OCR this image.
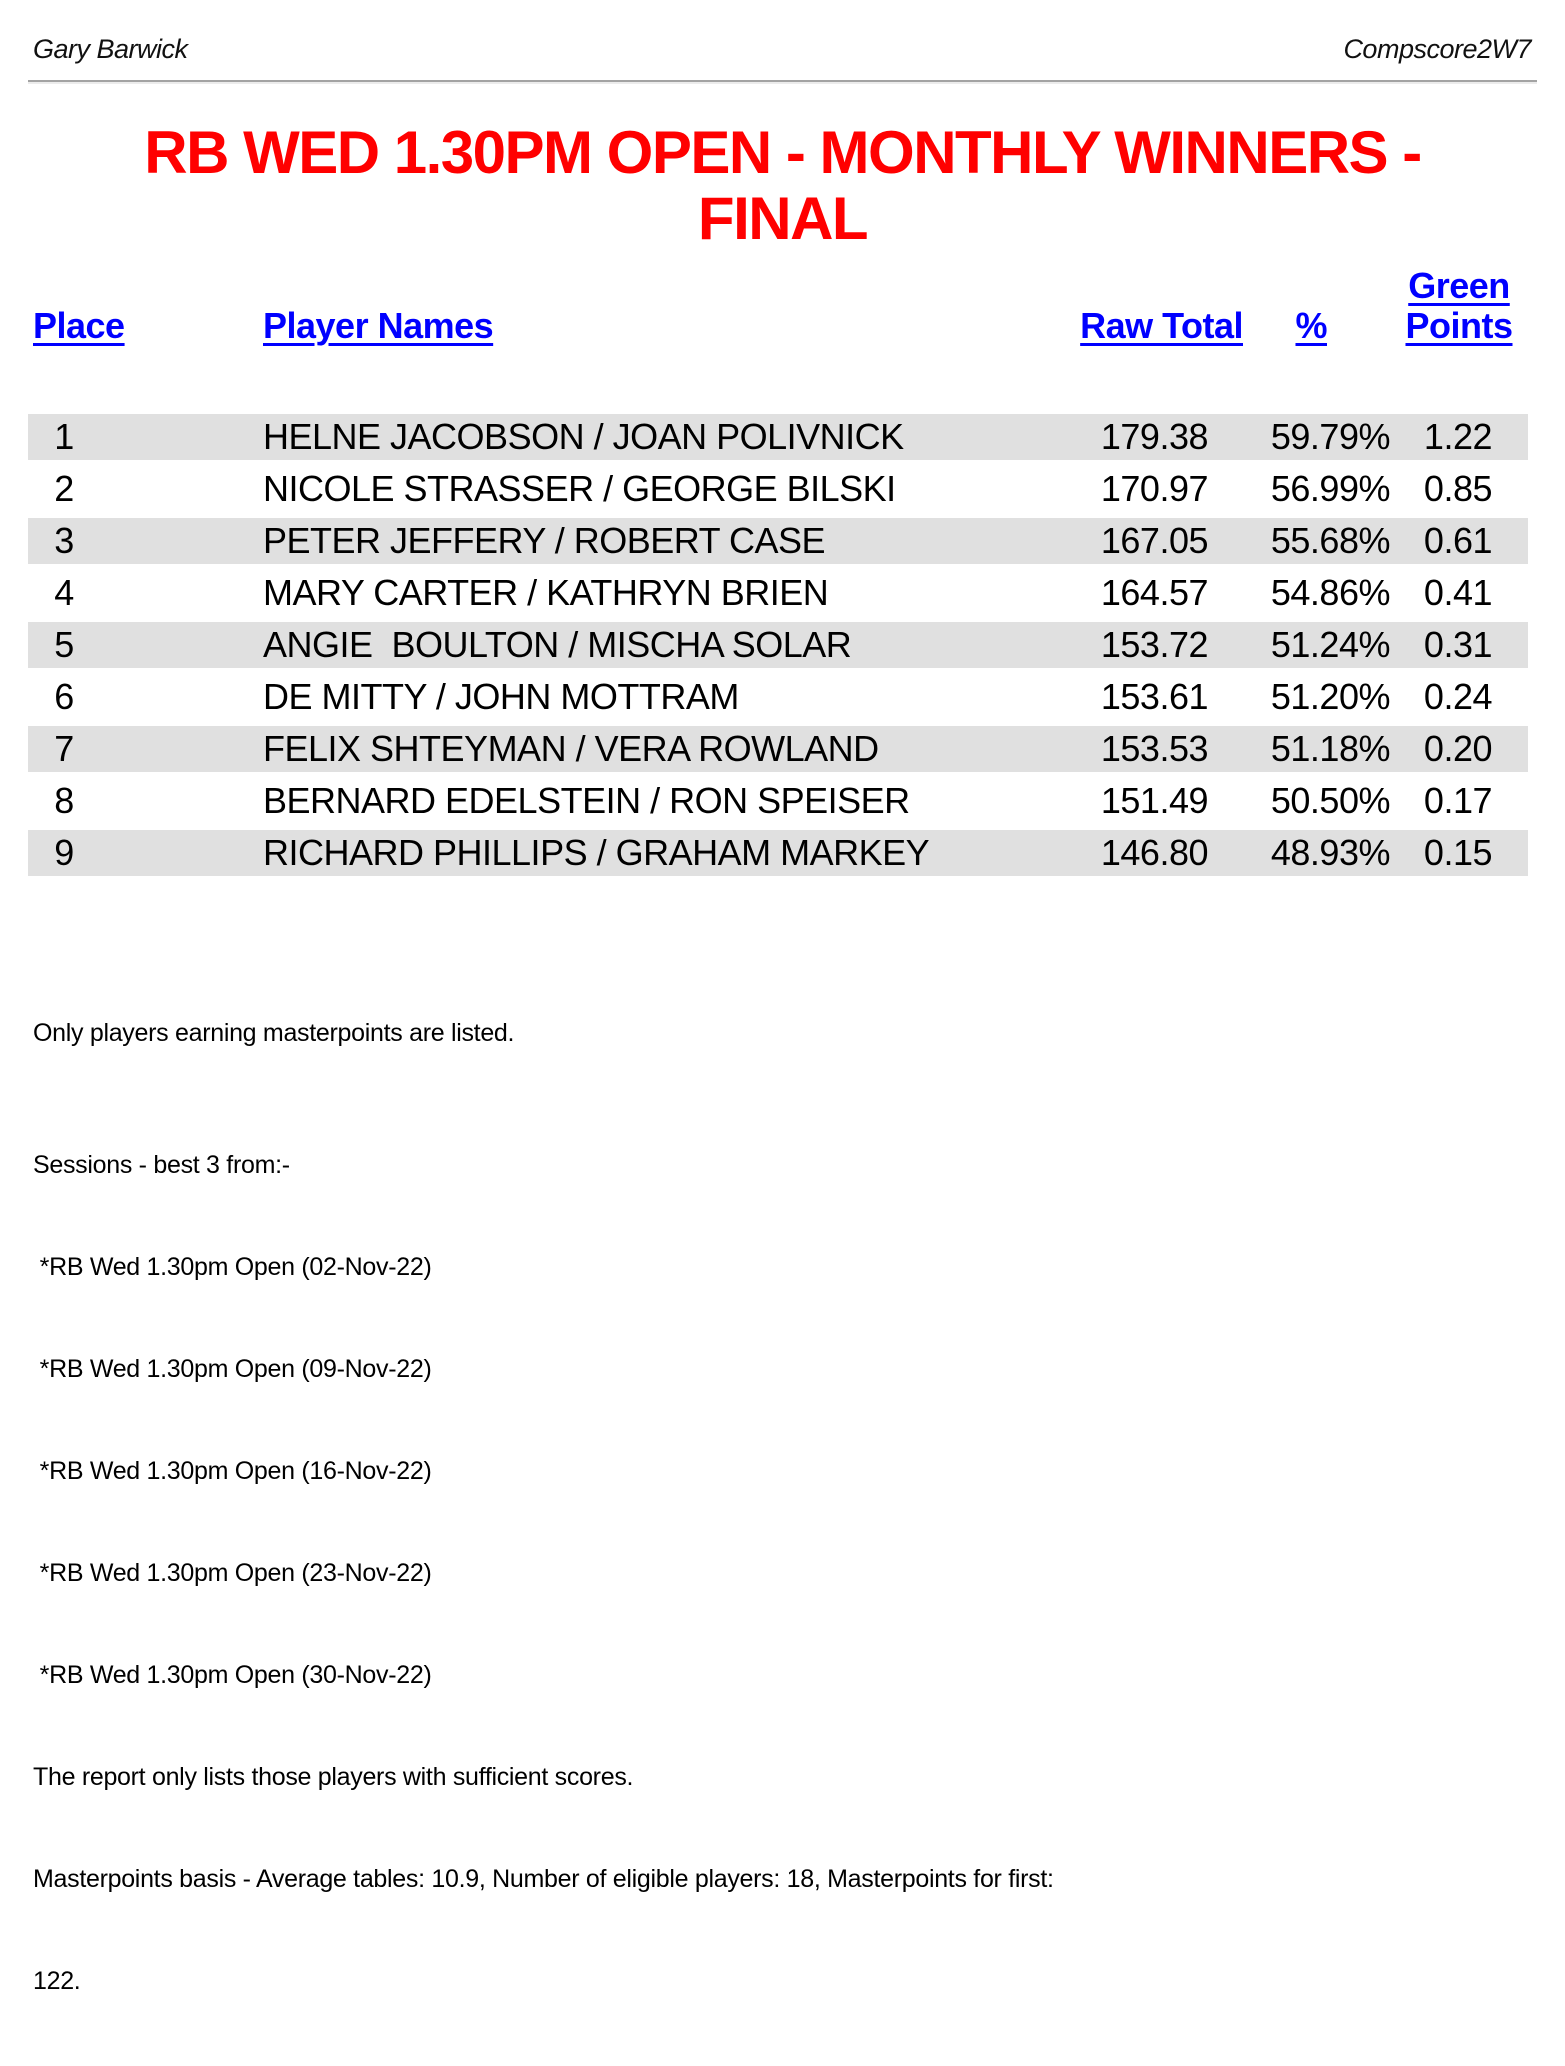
Gary Barwick	Compscore2W7
RB WED 1.30PM OPEN - MONTHLY WINNERS - FINAL
Place	Player Names	Raw Total	%
Green
Points
1	HELNE JACOBSON / JOAN POLIVNICK	179.38	59.79% 1.22
2	NICOLE STRASSER / GEORGE BILSKI	170.97	56.99% 0.85
3	PETER JEFFERY / ROBERT CASE	167.05	55.68% 0.61
4	MARY CARTER / KATHRYN BRIEN	164.57	54.86% 0.41
5	ANGIE  BOULTON / MISCHA SOLAR	153.72	51.24% 0.31
6	DE MITTY / JOHN MOTTRAM	153.61	51.20% 0.24
7	FELIX SHTEYMAN / VERA ROWLAND	153.53	51.18% 0.20
8	BERNARD EDELSTEIN / RON SPEISER	151.49	50.50% 0.17
9	RICHARD PHILLIPS / GRAHAM MARKEY	146.80	48.93% 0.15

Only players earning masterpoints are listed.

Sessions - best 3 from:-

*RB Wed 1.30pm Open (02-Nov-22)

*RB Wed 1.30pm Open (09-Nov-22)

*RB Wed 1.30pm Open (16-Nov-22)

*RB Wed 1.30pm Open (23-Nov-22)

*RB Wed 1.30pm Open (30-Nov-22)

The report only lists those players with sufficient scores.

Masterpoints basis - Average tables: 10.9, Number of eligible players: 18, Masterpoints for first:

122.
